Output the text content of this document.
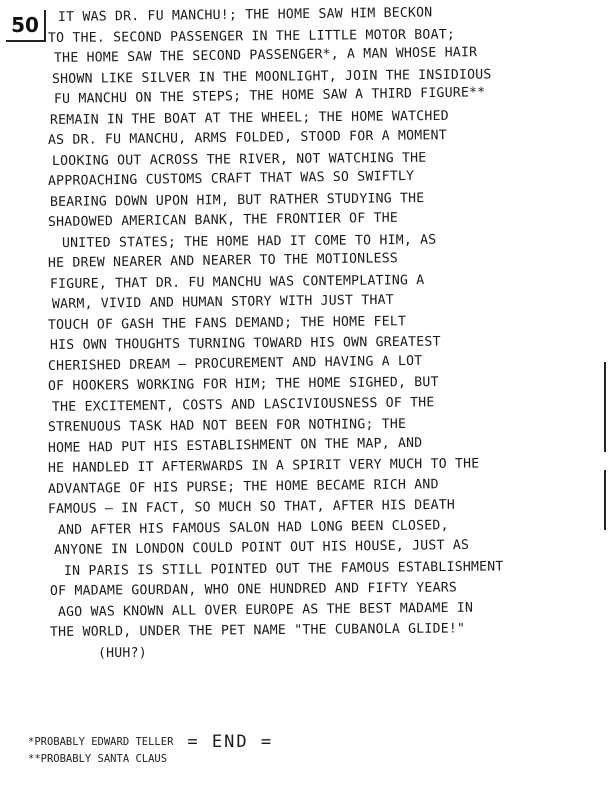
50	IT WAS DR. FU MANCHU!; THE HOME SAW HIM BECKON
TO THE. SECOND PASSENGER IN THE LITTLE MOTOR BOAT;
THE HOME SAW THE SECOND PASSENGER*, A MAN WHOSE HAIR
SHOWN LIKE SILVER IN THE MOONLIGHT, JOIN THE INSIDIOUS
FU MANCHU ON THE STEPS; THE HOME SAW A THIRD FIGURE**
REMAIN IN THE BOAT AT THE WHEEL; THE HOME WATCHED
AS DR. FU MANCHU, ARMS FOLDED, STOOD FOR A MOMENT
LOOKING OUT ACROSS THE RIVER, NOT WATCHING THE
APPROACHING CUSTOMS CRAFT THAT WAS SO SWIFTLY
BEARING DOWN UPON HIM, BUT RATHER STUDYING THE
SHADOWED AMERICAN BANK, THE FRONTIER OF THE
UNITED STATES; THE HOME HAD IT COME TO HIM, AS
HE DREW NEARER AND NEARER TO THE MOTIONLESS
FIGURE, THAT DR. FU MANCHU WAS CONTEMPLATING A
WARM, VIVID AND HUMAN STORY WITH JUST THAT
TOUCH OF GASH THE FANS DEMAND; THE HOME FELT
HIS OWN THOUGHTS TURNING TOWARD HIS OWN GREATEST
CHERISHED DREAM — PROCUREMENT AND HAVING A LOT
OF HOOKERS WORKING FOR HIM; THE HOME SIGHED, BUT
THE EXCITEMENT, COSTS AND LASCIVIOUSNESS OF THE
STRENUOUS TASK HAD NOT BEEN FOR NOTHING; THE
HOME HAD PUT HIS ESTABLISHMENT ON THE MAP, AND
HE HANDLED IT AFTERWARDS IN A SPIRIT VERY MUCH TO THE
ADVANTAGE OF HIS PURSE; THE HOME BECAME RICH AND
FAMOUS — IN FACT, SO MUCH SO THAT, AFTER HIS DEATH
AND AFTER HIS FAMOUS SALON HAD LONG BEEN CLOSED,
ANYONE IN LONDON COULD POINT OUT HIS HOUSE, JUST AS
IN PARIS IS STILL POINTED OUT THE FAMOUS ESTABLISHMENT
OF MADAME GOURDAN, WHO ONE HUNDRED AND FIFTY YEARS
AGO WAS KNOWN ALL OVER EUROPE AS THE BEST MADAME IN
THE WORLD, UNDER THE PET NAME "THE CUBANOLA GLIDE!"
(HUH?)
*PROBABLY EDWARD TELLER = END =
**PROBABLY SANTA CLAUS
